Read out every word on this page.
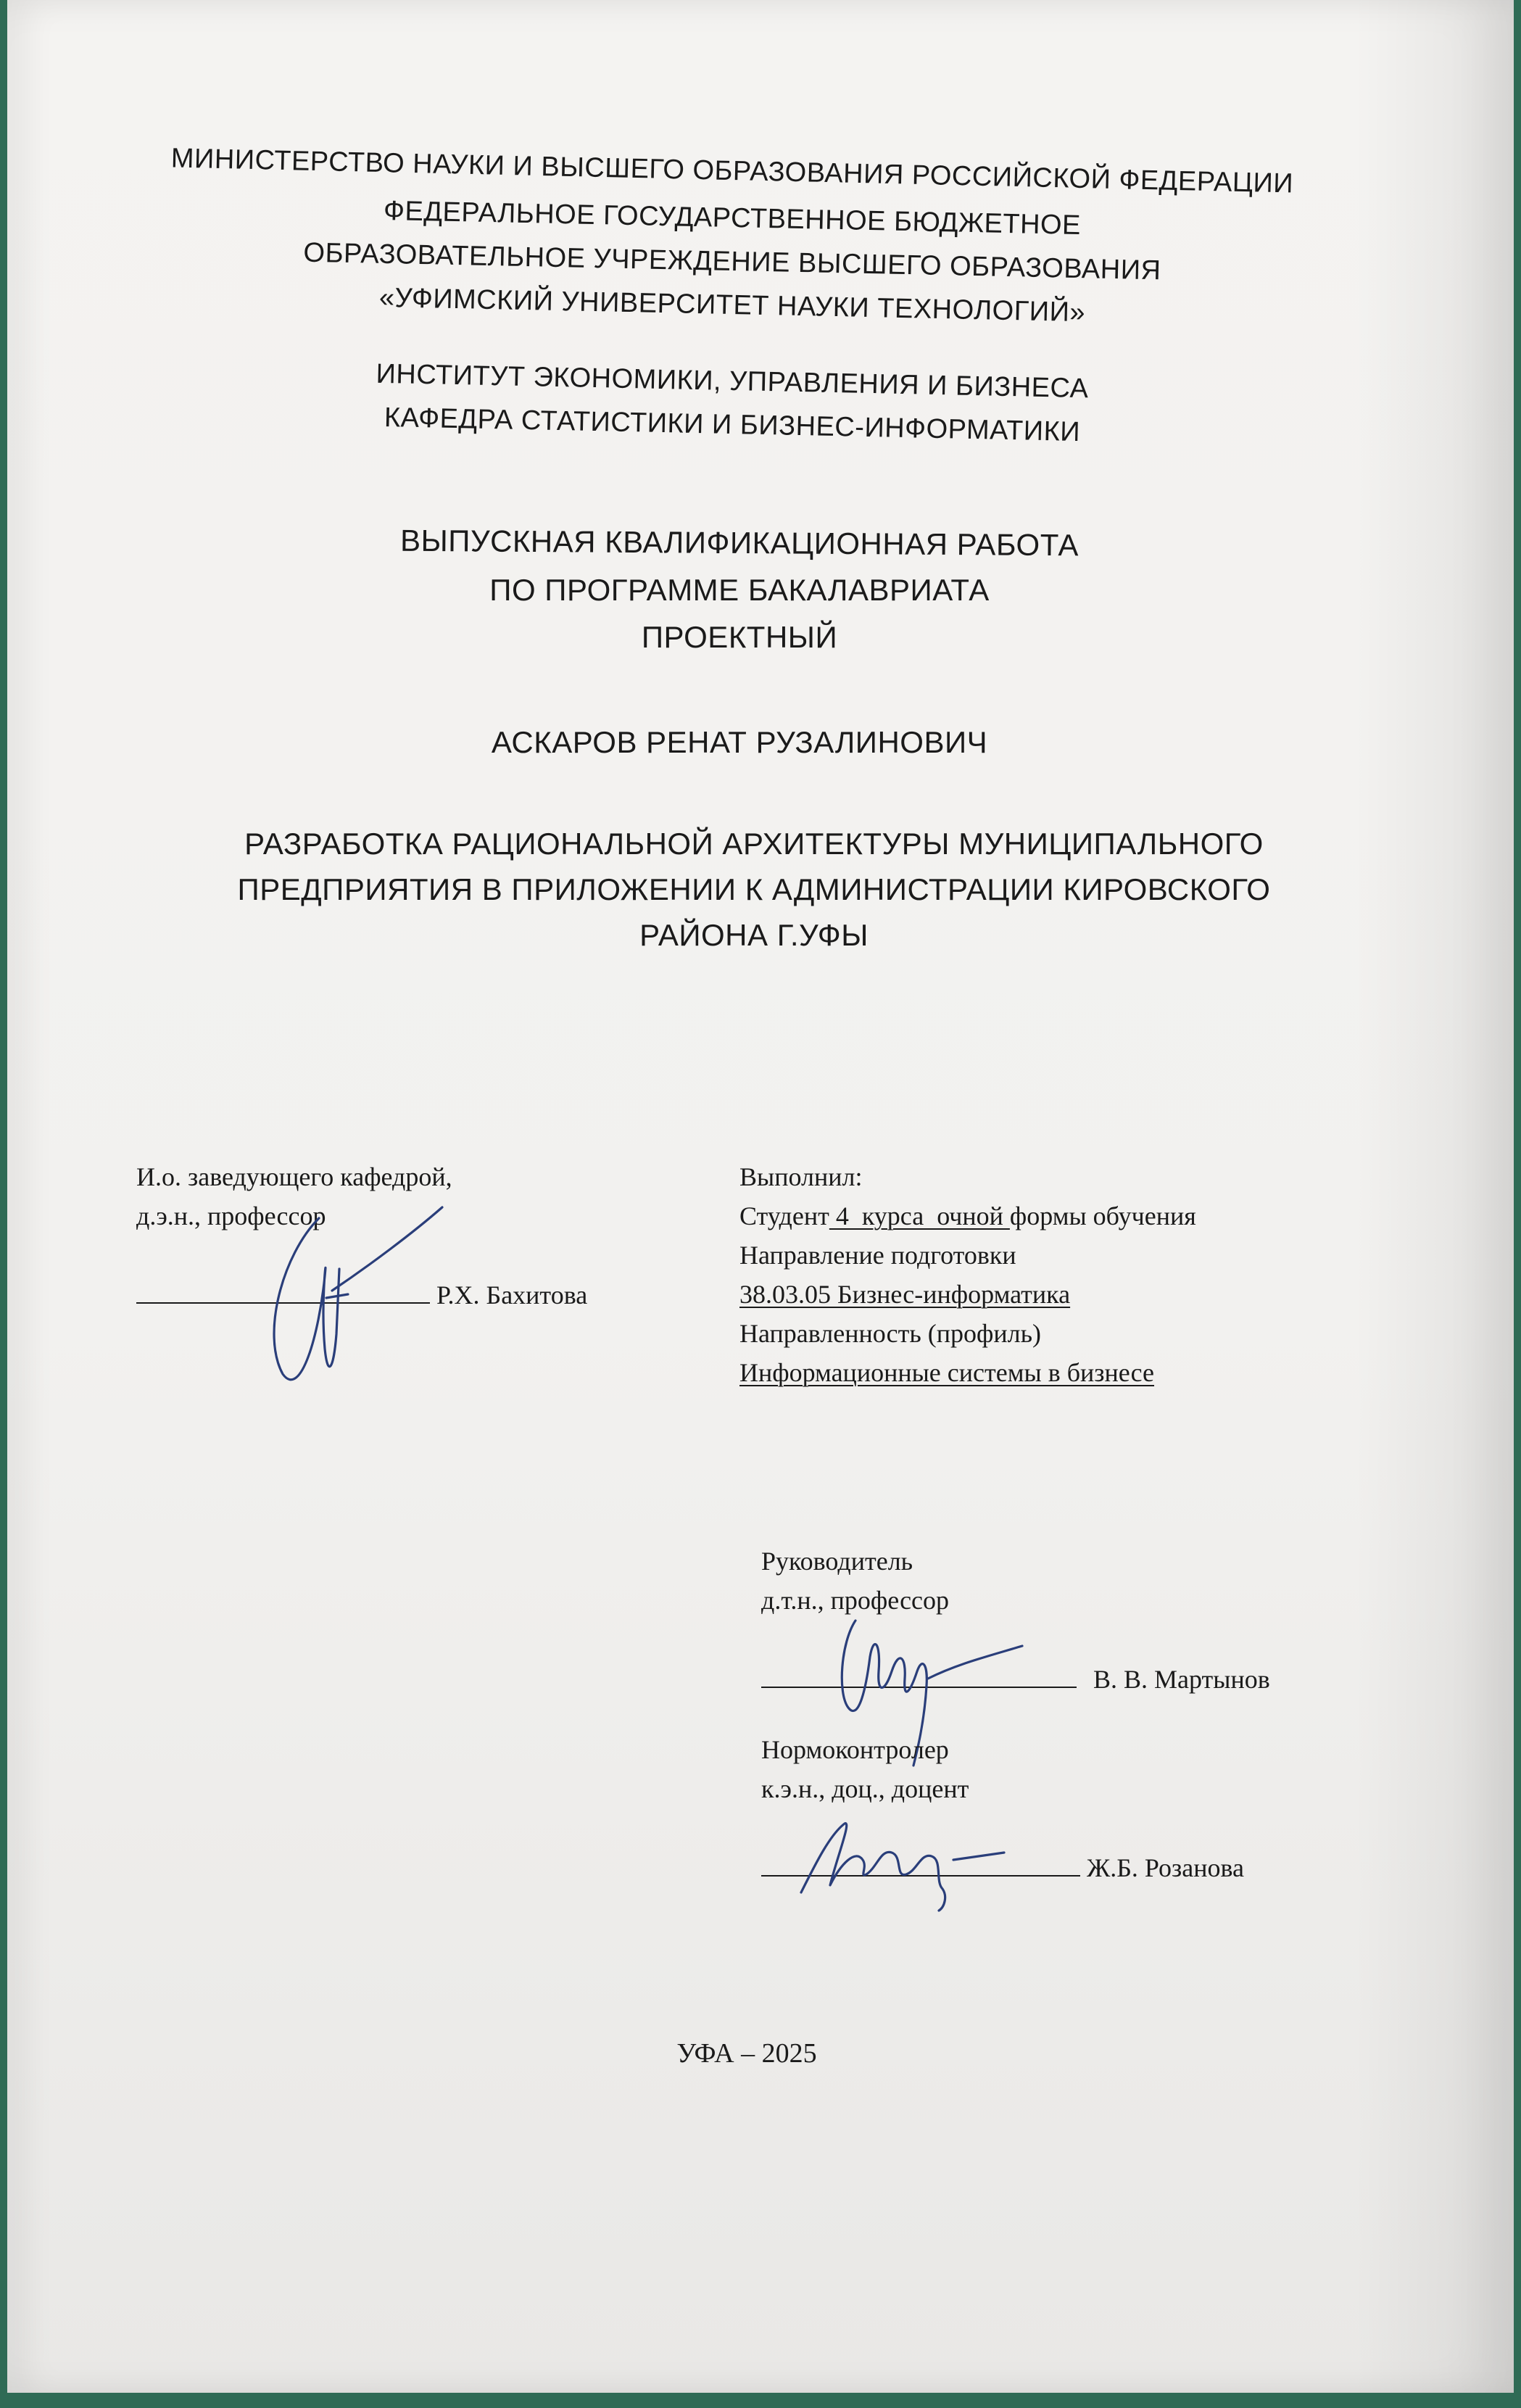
МИНИСТЕРСТВО НАУКИ И ВЫСШЕГО ОБРАЗОВАНИЯ РОССИЙСКОЙ ФЕДЕРАЦИИ
ФЕДЕРАЛЬНОЕ ГОСУДАРСТВЕННОЕ БЮДЖЕТНОЕ
ОБРАЗОВАТЕЛЬНОЕ УЧРЕЖДЕНИЕ ВЫСШЕГО ОБРАЗОВАНИЯ
«УФИМСКИЙ УНИВЕРСИТЕТ НАУКИ ТЕХНОЛОГИЙ»
ИНСТИТУТ ЭКОНОМИКИ, УПРАВЛЕНИЯ И БИЗНЕСА
КАФЕДРА СТАТИСТИКИ И БИЗНЕС-ИНФОРМАТИКИ
ВЫПУСКНАЯ КВАЛИФИКАЦИОННАЯ РАБОТА
ПО ПРОГРАММЕ БАКАЛАВРИАТА
ПРОЕКТНЫЙ
АСКАРОВ РЕНАТ РУЗАЛИНОВИЧ
РАЗРАБОТКА РАЦИОНАЛЬНОЙ АРХИТЕКТУРЫ МУНИЦИПАЛЬНОГО
ПРЕДПРИЯТИЯ В ПРИЛОЖЕНИИ К АДМИНИСТРАЦИИ КИРОВСКОГО
РАЙОНА Г.УФЫ
И.о. заведующего кафедрой,
д.э.н., профессор
Р.Х. Бахитова
Выполнил:
Студент 4  курса  очной формы обучения
Направление подготовки
38.03.05 Бизнес-информатика
Направленность (профиль)
Информационные системы в бизнесе
Руководитель
д.т.н., профессор
В. В. Мартынов
Нормоконтролер
к.э.н., доц., доцент
Ж.Б. Розанова
УФА – 2025
